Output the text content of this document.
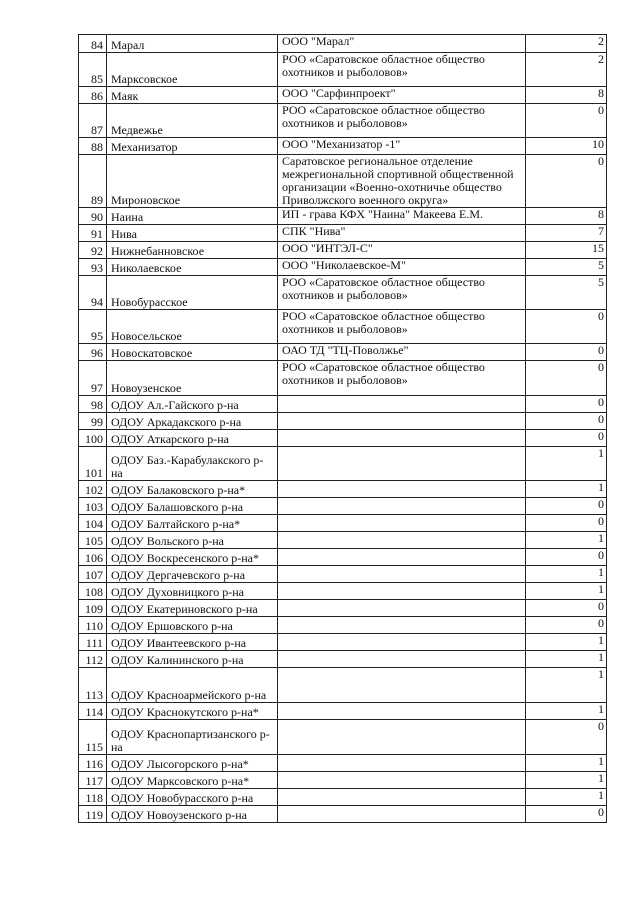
84	Марал	ООО "Марал"	2
85	Марксовское	РОО «Саратовское областное общество охотников и рыболовов»	2
86	Маяк	ООО "Сарфинпроект"	8
87	Медвежье	РОО «Саратовское областное общество охотников и рыболовов»	0
88	Механизатор	ООО "Механизатор -1"	10
89	Мироновское	Саратовское региональное отделение межрегиональной спортивной общественной организации «Военно-охотничье общество Приволжского военного округа»	0
90	Наина	ИП - грава КФХ "Наина" Макеева Е.М.	8
91	Нива	СПК "Нива"	7
92	Нижнебанновское	ООО "ИНТЭЛ-С"	15
93	Николаевское	ООО "Николаевское-М"	5
94	Новобурасское	РОО «Саратовское областное общество охотников и рыболовов»	5
95	Новосельское	РОО «Саратовское областное общество охотников и рыболовов»	0
96	Новоскатовское	ОАО ТД "ТЦ-Поволжье"	0
97	Новоузенское	РОО «Саратовское областное общество охотников и рыболовов»	0
98	ОДОУ Ал.-Гайского р-на		0
99	ОДОУ Аркадакского р-на		0
100	ОДОУ Аткарского р-на		0
101	ОДОУ Баз.-Карабулакского р-на		1
102	ОДОУ Балаковского р-на*		1
103	ОДОУ Балашовского р-на		0
104	ОДОУ Балтайского р-на*		0
105	ОДОУ Вольского р-на		1
106	ОДОУ Воскресенского р-на*		0
107	ОДОУ Дергачевского р-на		1
108	ОДОУ Духовницкого р-на		1
109	ОДОУ Екатериновского р-на		0
110	ОДОУ Ершовского р-на		0
111	ОДОУ Ивантеевского р-на		1
112	ОДОУ Калининского р-на		1
113	ОДОУ Красноармейского р-на		1
114	ОДОУ Краснокутского р-на*		1
115	ОДОУ Краснопартизанского р-на		0
116	ОДОУ Лысогорского р-на*		1
117	ОДОУ Марксовского р-на*		1
118	ОДОУ Новобурасского р-на		1
119	ОДОУ Новоузенского р-на		0
